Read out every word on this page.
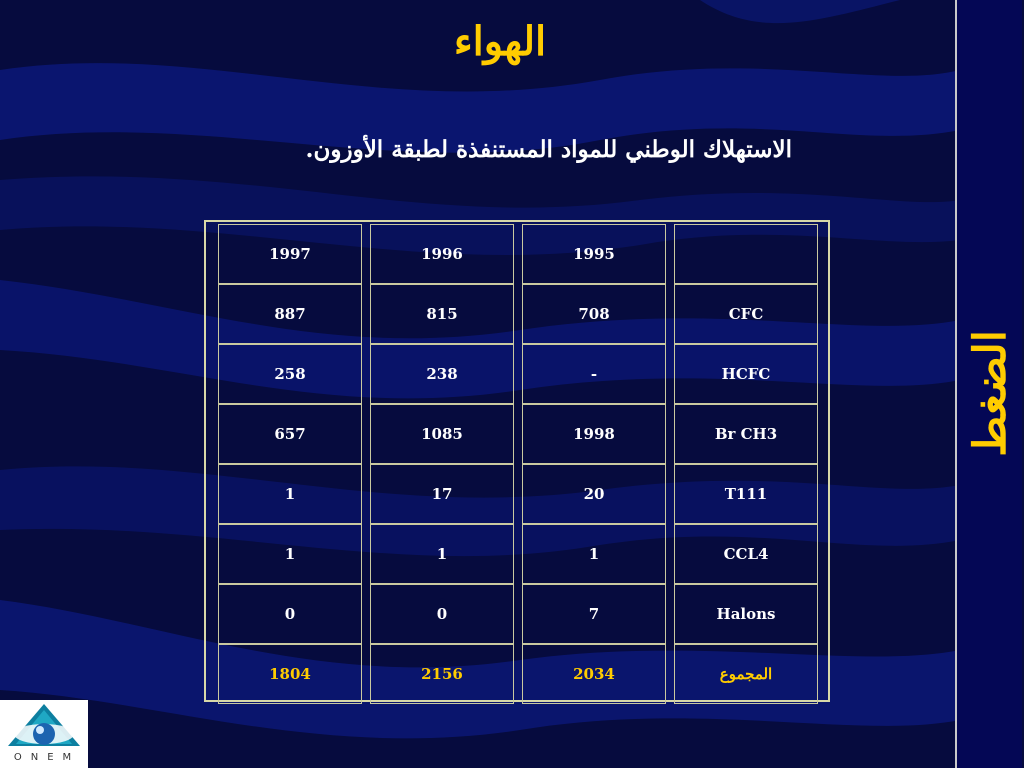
الهواء
الاستهلاك الوطني للمواد المستنفذة لطبقة الأوزون.
1997	1996	1995	
887	815	708	CFC
258	238	-	HCFC
657	1085	1998	Br CH3
1	17	20	T111
1	1	1	CCL4
0	0	7	Halons
1804	2156	2034	المجموع
الضغط
ONEM
